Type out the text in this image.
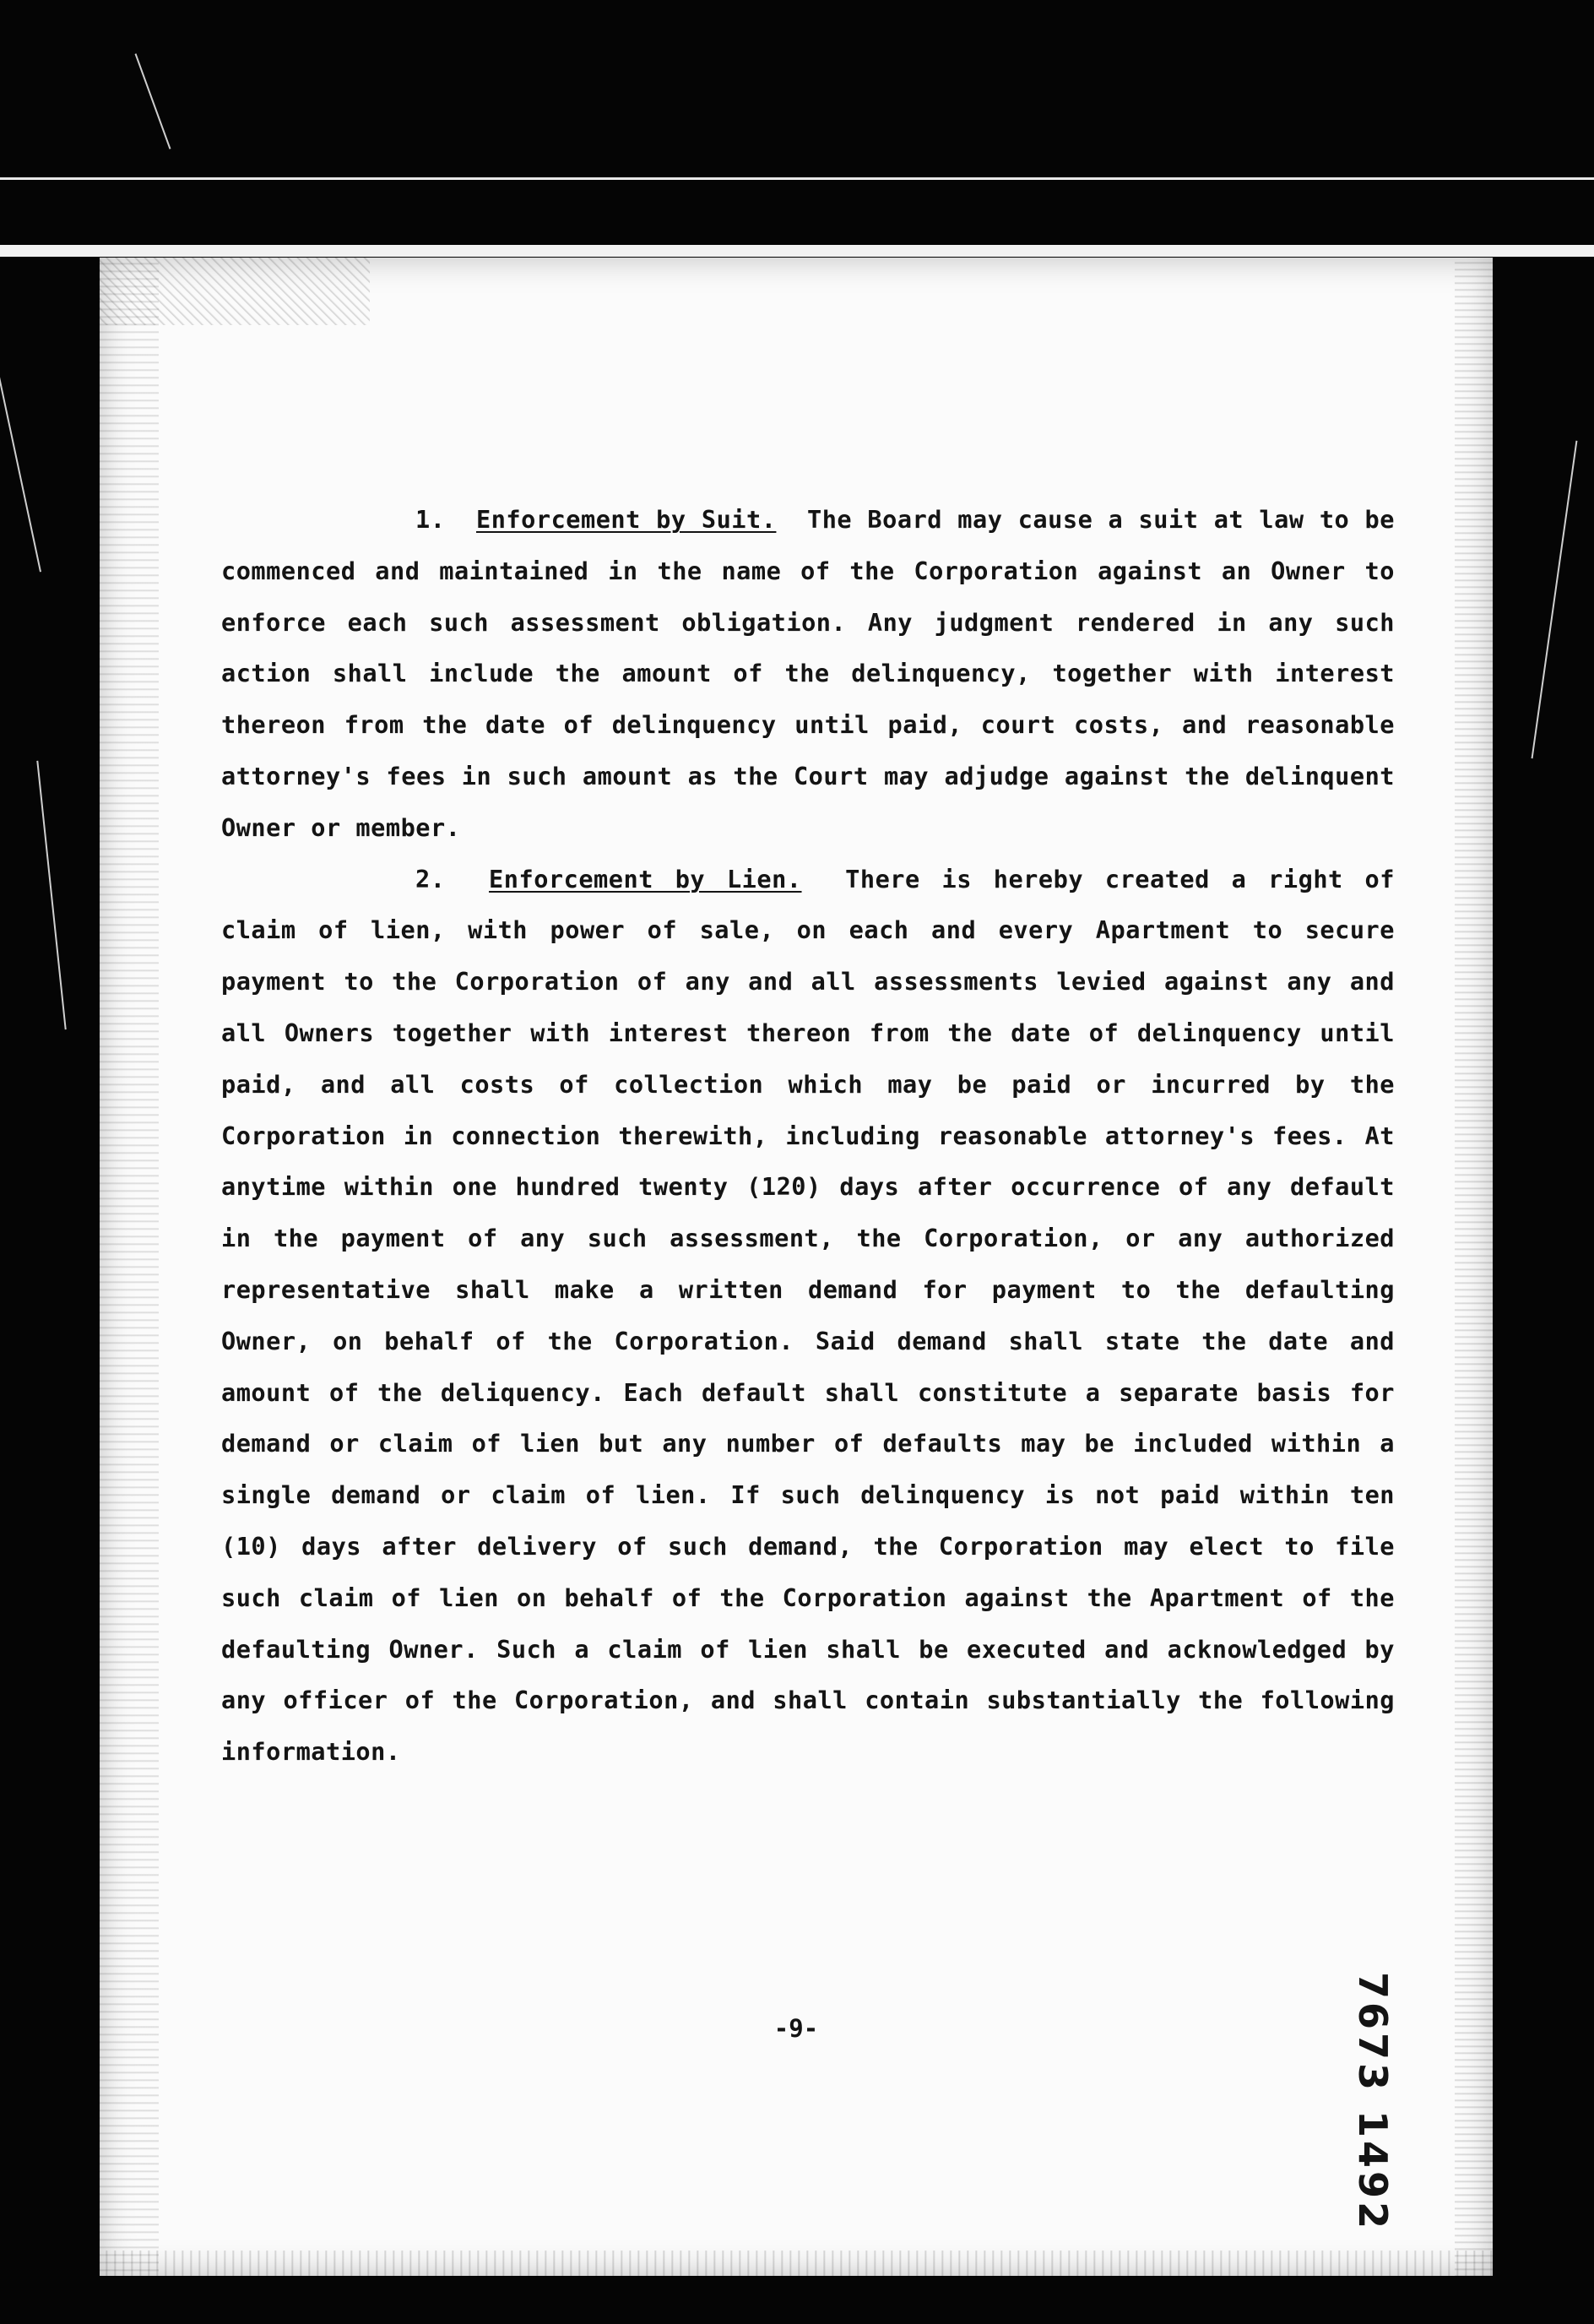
-9-	7673 1492

1. Enforcement by Suit. The Board may cause a suit at law to be commenced and maintained in the name of the Corporation against an Owner to enforce each such assessment obligation. Any judgment rendered in any such action shall include the amount of the delinquency, together with interest thereon from the date of delinquency until paid, court costs, and reasonable attorney's fees in such amount as the Court may adjudge against the delinquent Owner or member.

2. Enforcement by Lien. There is hereby created a right of claim of lien, with power of sale, on each and every Apartment to secure payment to the Corporation of any and all assessments levied against any and all Owners together with interest thereon from the date of delinquency until paid, and all costs of collection which may be paid or incurred by the Corporation in connection therewith, including reasonable attorney's fees. At anytime within one hundred twenty (120) days after occurrence of any default in the payment of any such assessment, the Corporation, or any authorized representative shall make a written demand for payment to the defaulting Owner, on behalf of the Corporation. Said demand shall state the date and amount of the deliquency. Each default shall constitute a separate basis for demand or claim of lien but any number of defaults may be included within a single demand or claim of lien. If such delinquency is not paid within ten (10) days after delivery of such demand, the Corporation may elect to file such claim of lien on behalf of the Corporation against the Apartment of the defaulting Owner. Such a claim of lien shall be executed and acknowledged by any officer of the Corporation, and shall contain substantially the following information.
